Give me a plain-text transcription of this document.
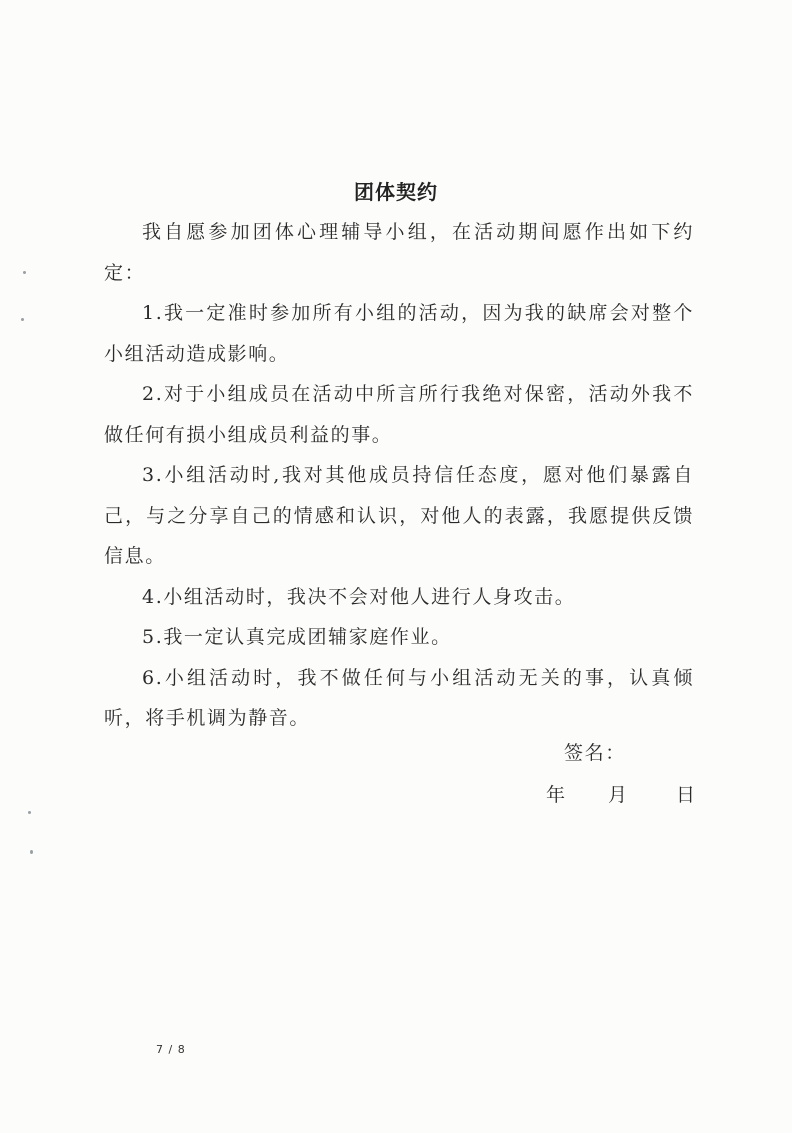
团体契约

我自愿参加团体心理辅导小组，在活动期间愿作出如下约定：

1.我一定准时参加所有小组的活动，因为我的缺席会对整个小组活动造成影响。

2.对于小组成员在活动中所言所行我绝对保密，活动外我不做任何有损小组成员利益的事。

3.小组活动时,我对其他成员持信任态度，愿对他们暴露自己，与之分享自己的情感和认识，对他人的表露，我愿提供反馈信息。

4.小组活动时，我决不会对他人进行人身攻击。

5.我一定认真完成团辅家庭作业。

6.小组活动时，我不做任何与小组活动无关的事，认真倾听，将手机调为静音。

签名：
年 月	日
7 / 8
